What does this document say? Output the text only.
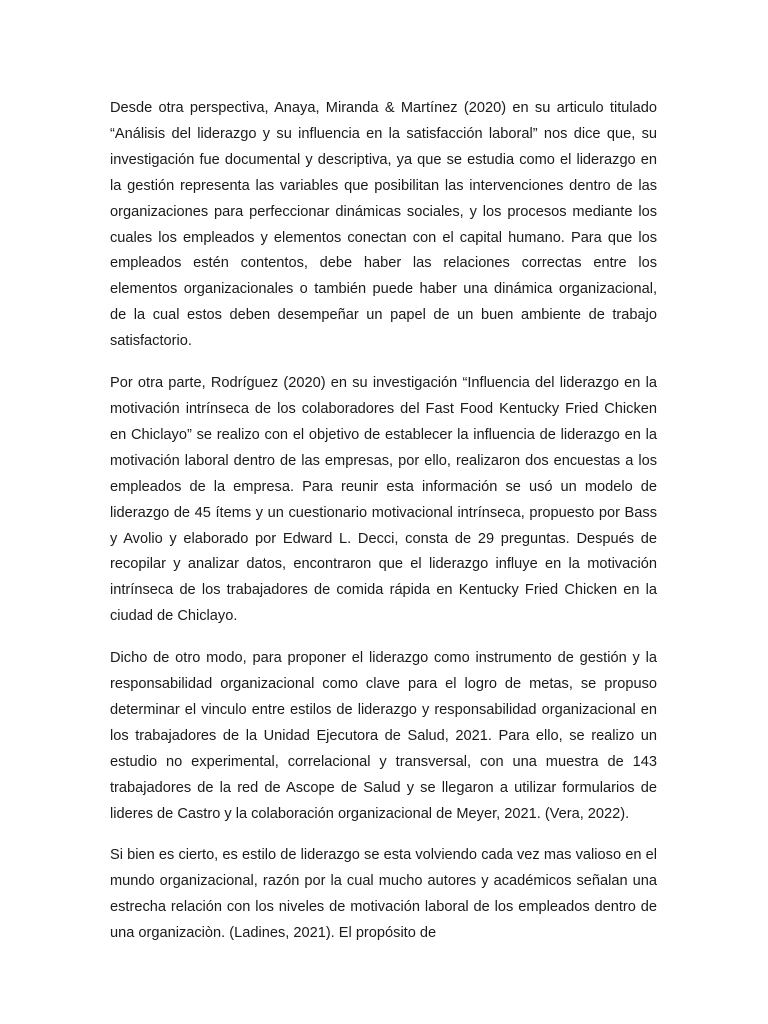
Desde otra perspectiva, Anaya, Miranda & Martínez (2020) en su articulo titulado “Análisis del liderazgo y su influencia en la satisfacción laboral” nos dice que, su investigación fue documental y descriptiva, ya que se estudia como el liderazgo en la gestión representa las variables que posibilitan las intervenciones dentro de las organizaciones para perfeccionar dinámicas sociales, y los procesos mediante los cuales los empleados y elementos conectan con el capital humano. Para que los empleados estén contentos, debe haber las relaciones correctas entre los elementos organizacionales o también puede haber una dinámica organizacional, de la cual estos deben desempeñar un papel de un buen ambiente de trabajo satisfactorio.

Por otra parte, Rodríguez (2020) en su investigación “Influencia del liderazgo en la motivación intrínseca de los colaboradores del Fast Food Kentucky Fried Chicken en Chiclayo” se realizo con el objetivo de establecer la influencia de liderazgo en la motivación laboral dentro de las empresas, por ello, realizaron dos encuestas a los empleados de la empresa. Para reunir esta información se usó un modelo de liderazgo de 45 ítems y un cuestionario motivacional intrínseca, propuesto por Bass y Avolio y elaborado por Edward L. Decci, consta de 29 preguntas. Después de recopilar y analizar datos, encontraron que el liderazgo influye en la motivación intrínseca de los trabajadores de comida rápida en Kentucky Fried Chicken en la ciudad de Chiclayo.

Dicho de otro modo, para proponer el liderazgo como instrumento de gestión y la responsabilidad organizacional como clave para el logro de metas, se propuso determinar el vinculo entre estilos de liderazgo y responsabilidad organizacional en los trabajadores de la Unidad Ejecutora de Salud, 2021. Para ello, se realizo un estudio no experimental, correlacional y transversal, con una muestra de 143 trabajadores de la red de Ascope de Salud y se llegaron a utilizar formularios de lideres de Castro y la colaboración organizacional de Meyer, 2021. (Vera, 2022).

Si bien es cierto, es estilo de liderazgo se esta volviendo cada vez mas valioso en el mundo organizacional, razón por la cual mucho autores y académicos señalan una estrecha relación con los niveles de motivación laboral de los empleados dentro de una organizaciòn. (Ladines, 2021). El propósito de
